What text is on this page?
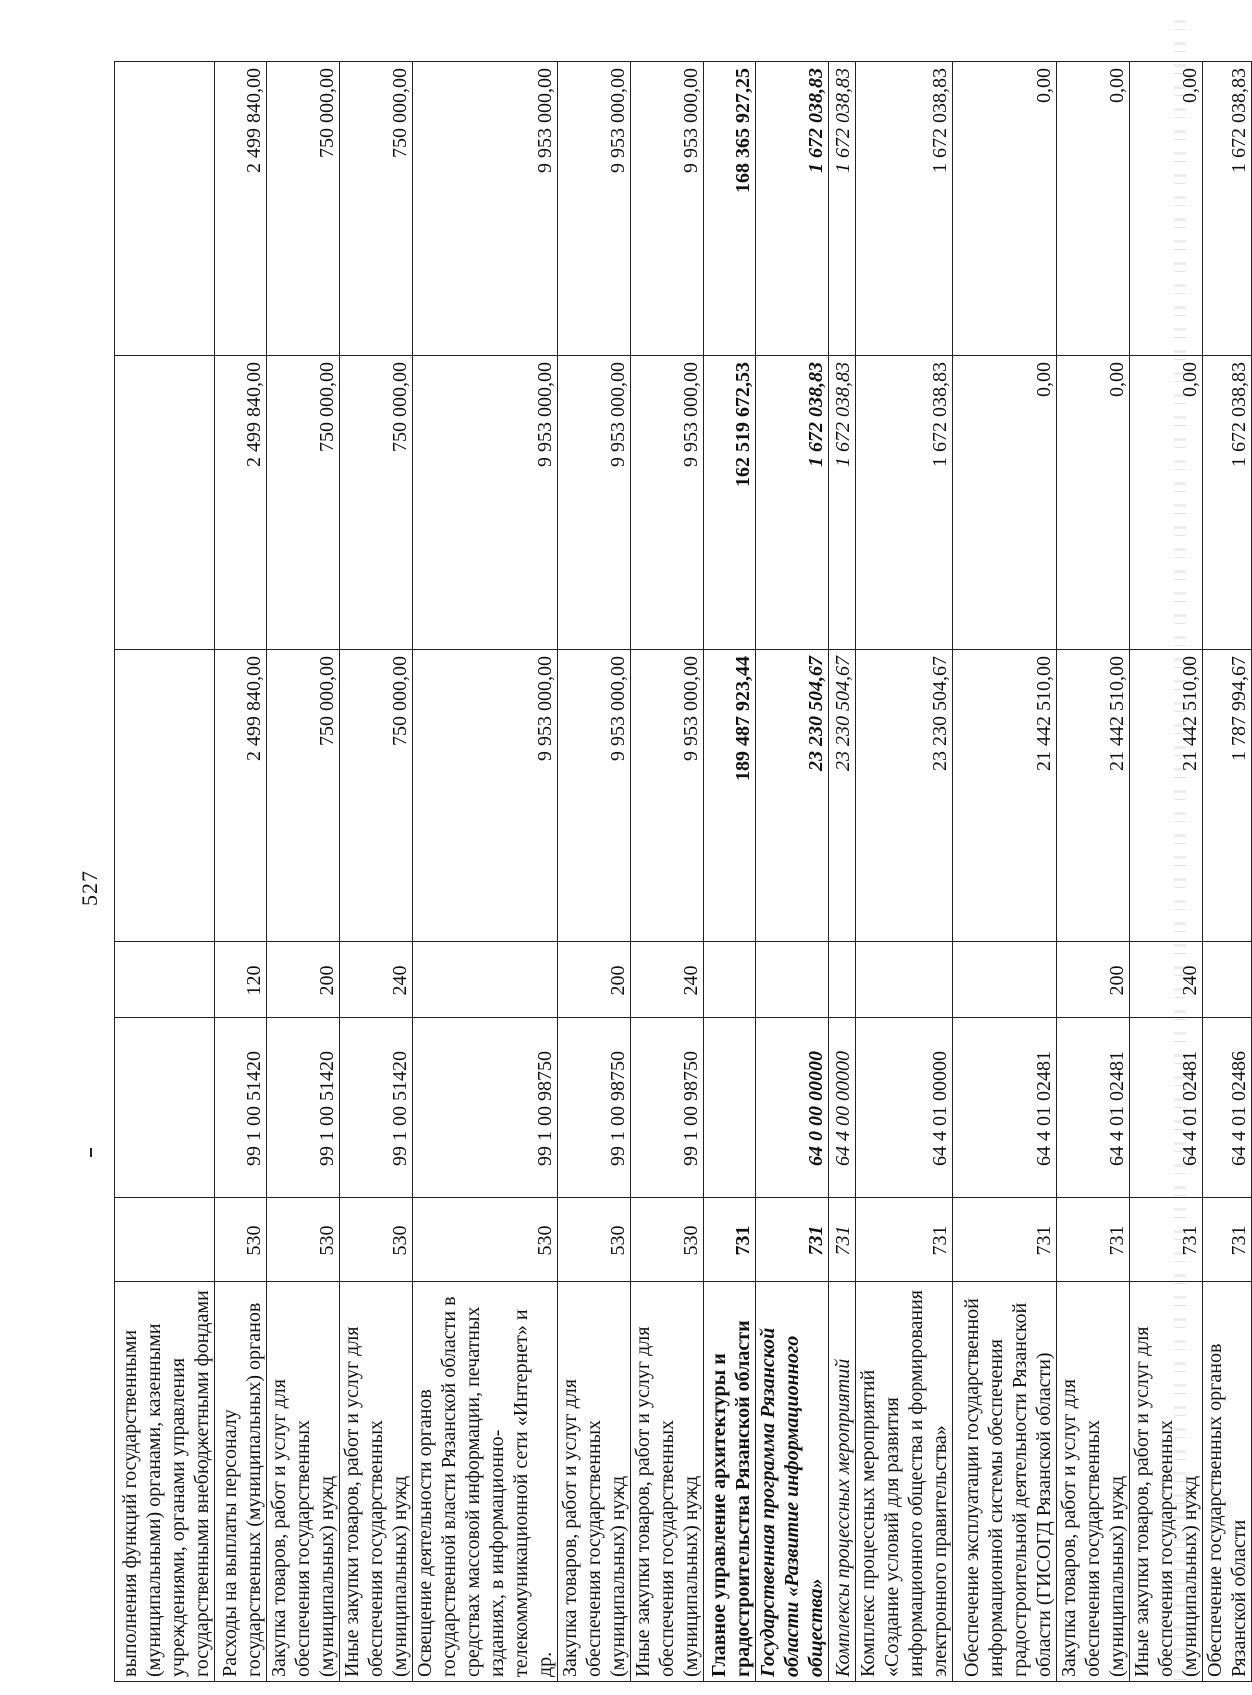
527
выполнения функций государственными (муниципальными) органами, казенными учреждениями, органами управления государственными внебюджетными фондами						
Расходы на выплаты персоналу государственных (муниципальных) органов	530	99 1 00 51420	120	2 499 840,00	2 499 840,00	2 499 840,00
Закупка товаров, работ и услуг для обеспечения государственных (муниципальных) нужд	530	99 1 00 51420	200	750 000,00	750 000,00	750 000,00
Иные закупки товаров, работ и услуг для обеспечения государственных (муниципальных) нужд	530	99 1 00 51420	240	750 000,00	750 000,00	750 000,00
Освещение деятельности органов государственной власти Рязанской области в средствах массовой информации, печатных изданиях, в информационно-телекоммуникационной сети «Интернет» и др.	530	99 1 00 98750		9 953 000,00	9 953 000,00	9 953 000,00
Закупка товаров, работ и услуг для обеспечения государственных (муниципальных) нужд	530	99 1 00 98750	200	9 953 000,00	9 953 000,00	9 953 000,00
Иные закупки товаров, работ и услуг для обеспечения государственных (муниципальных) нужд	530	99 1 00 98750	240	9 953 000,00	9 953 000,00	9 953 000,00
Главное управление архитектуры и градостроительства Рязанской области	731			189 487 923,44	162 519 672,53	168 365 927,25
Государственная программа Рязанской области «Развитие информационного общества»	731	64 0 00 00000		23 230 504,67	1 672 038,83	1 672 038,83
Комплексы процессных мероприятий	731	64 4 00 00000		23 230 504,67	1 672 038,83	1 672 038,83
Комплекс процессных мероприятий «Создание условий для развития информационного общества и формирования электронного правительства»	731	64 4 01 00000		23 230 504,67	1 672 038,83	1 672 038,83
Обеспечение эксплуатации государственной информационной системы обеспечения градостроительной деятельности Рязанской области (ГИСОГД Рязанской области)	731	64 4 01 02481		21 442 510,00	0,00	0,00
Закупка товаров, работ и услуг для обеспечения государственных (муниципальных) нужд	731	64 4 01 02481	200	21 442 510,00	0,00	0,00
Иные закупки товаров, работ и услуг для обеспечения государственных (муниципальных) нужд	731	64 4 01 02481	240	21 442 510,00	0,00	0,00
Обеспечение государственных органов Рязанской области	731	64 4 01 02486		1 787 994,67	1 672 038,83	1 672 038,83
